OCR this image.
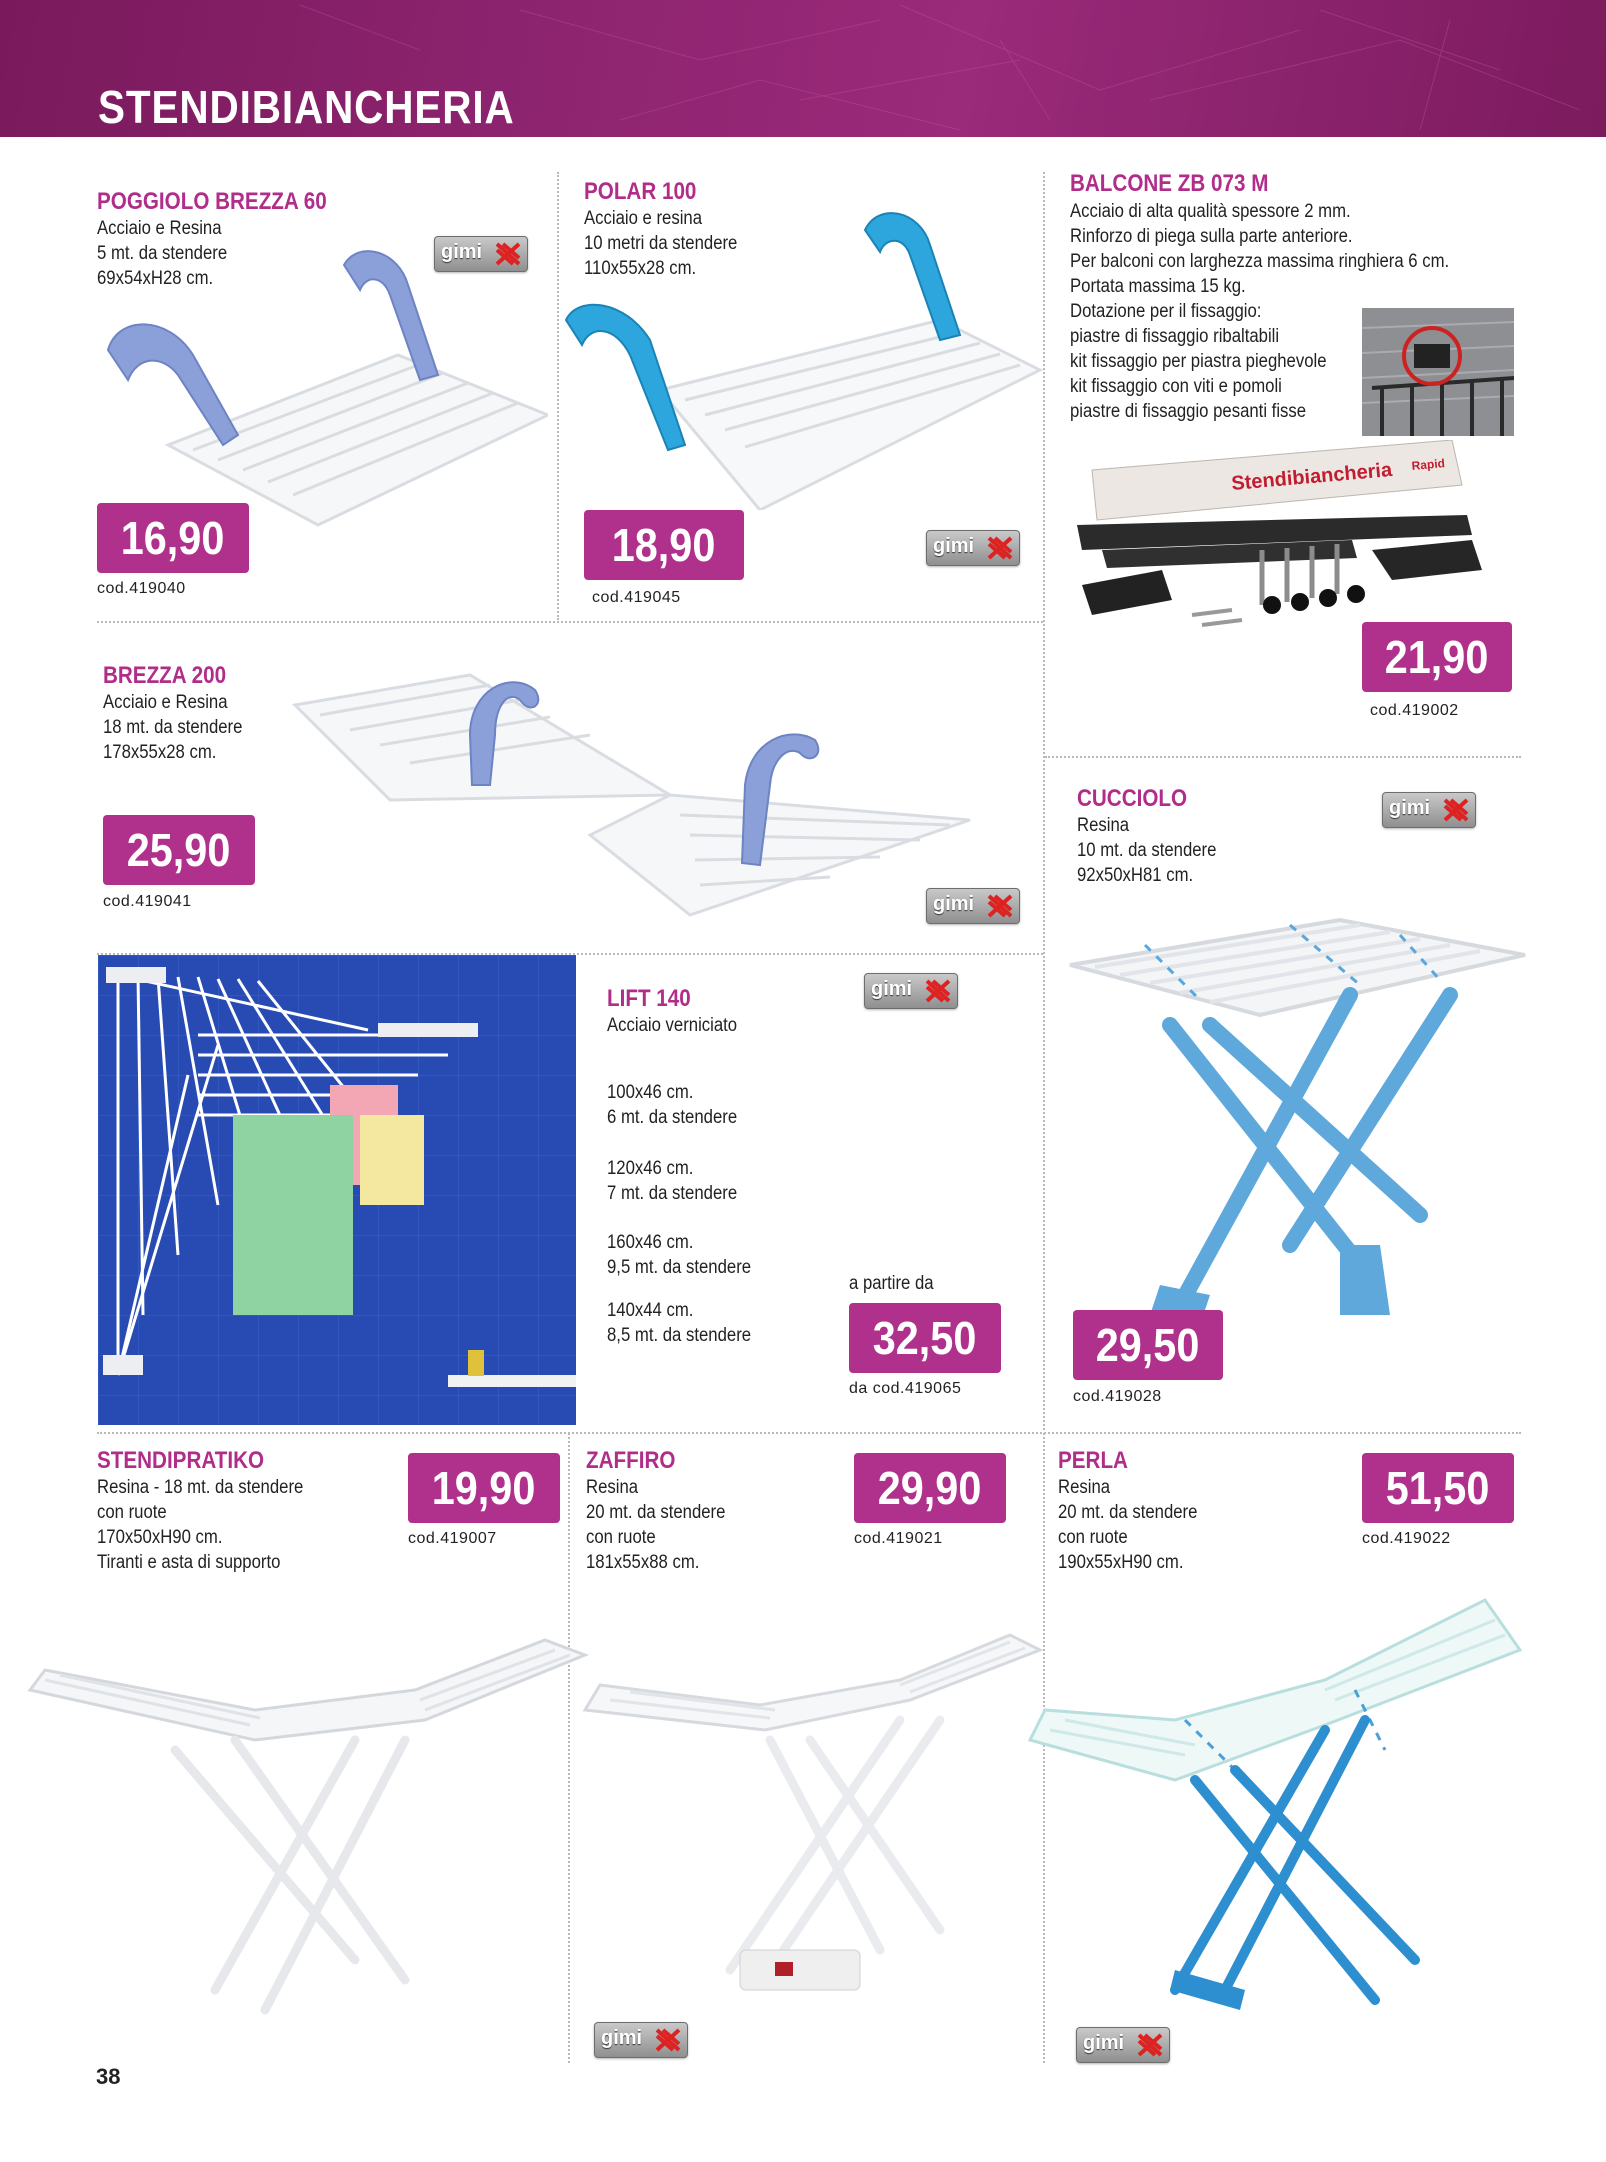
STENDIBIANCHERIA
POGGIOLO BREZZA 60
Acciaio e Resina
5 mt. da stendere
69x54xH28 cm.
gimi
16,90
cod.419040
POLAR 100
Acciaio e resina
10 metri da stendere
110x55x28 cm.
18,90
cod.419045
gimi
BALCONE ZB 073 M
Acciaio di alta qualità spessore 2 mm.
Rinforzo di piega sulla parte anteriore.
Per balconi con larghezza massima ringhiera 6 cm.
Portata massima 15 kg.
Dotazione per il fissaggio:
piastre di fissaggio ribaltabili
kit fissaggio per piastra pieghevole
kit fissaggio con viti e pomoli
piastre di fissaggio pesanti fisse
Stendibiancheria Rapid
21,90
cod.419002
BREZZA 200
Acciaio e Resina
18 mt. da stendere
178x55x28 cm.
25,90
cod.419041	gimi
CUCCIOLO
Resina
10 mt. da stendere
92x50xH81 cm.
gimi
29,50
cod.419028
LIFT 140
Acciaio verniciato
gimi
100x46 cm.
6 mt. da stendere
120x46 cm.
7 mt. da stendere
160x46 cm.
9,5 mt. da stendere
140x44 cm.
8,5 mt. da stendere
a partire da
32,50
da cod.419065
STENDIPRATIKO
Resina - 18 mt. da stendere
con ruote
170x50xH90 cm.
Tiranti e asta di supporto
19,90
cod.419007
ZAFFIRO
Resina
20 mt. da stendere
con ruote
181x55x88 cm.
29,90
cod.419021
gimi
PERLA
Resina
20 mt. da stendere
con ruote
190x55xH90 cm.
51,50
cod.419022
gimi
38
